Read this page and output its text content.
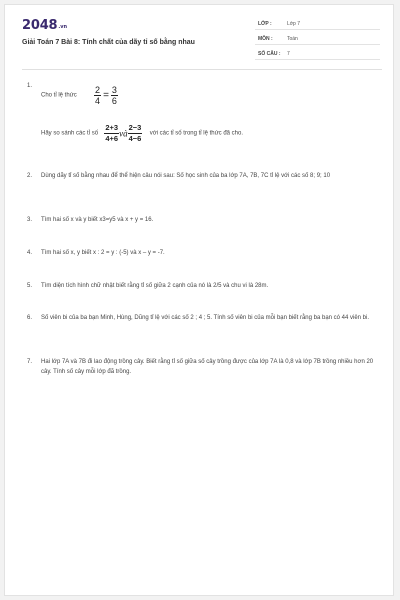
2048.vn
Giải Toán 7 Bài 8: Tính chất của dãy tỉ số bằng nhau
LỚP :	Lớp 7
MÔN :	Toán
SỐ CÂU : 7
1.
Cho tỉ lệ thức $\frac{2}{4} = \frac{3}{6}$
Hãy so sánh các tỉ số $\frac{2+3}{4+6}$ và $\frac{2-3}{4-6}$ với các tỉ số trong tỉ lệ thức đã cho.
2. Dùng dãy tỉ số bằng nhau để thể hiện câu nói sau: Số học sinh của ba lớp 7A, 7B, 7C tỉ lệ với các số 8; 9; 10
3. Tìm hai số x và y biết x3=y5 và x + y = 16.
4. Tìm hai số x, y biết x : 2 = y : (-5) và x – y = -7.
5. Tìm diện tích hình chữ nhật biết rằng tỉ số giữa 2 cạnh của nó là 2/5 và chu vi là 28m.
6. Số viên bi của ba bạn Minh, Hùng, Dũng tỉ lệ với các số 2 ; 4 ; 5. Tính số viên bi của mỗi bạn biết rằng ba bạn có 44 viên bi.
7. Hai lớp 7A và 7B đi lao động trồng cây. Biết rằng tỉ số giữa số cây trồng được của lớp 7A là 0,8 và lớp 7B trồng nhiều hơn 20 cây. Tính số cây mỗi lớp đã trồng.
